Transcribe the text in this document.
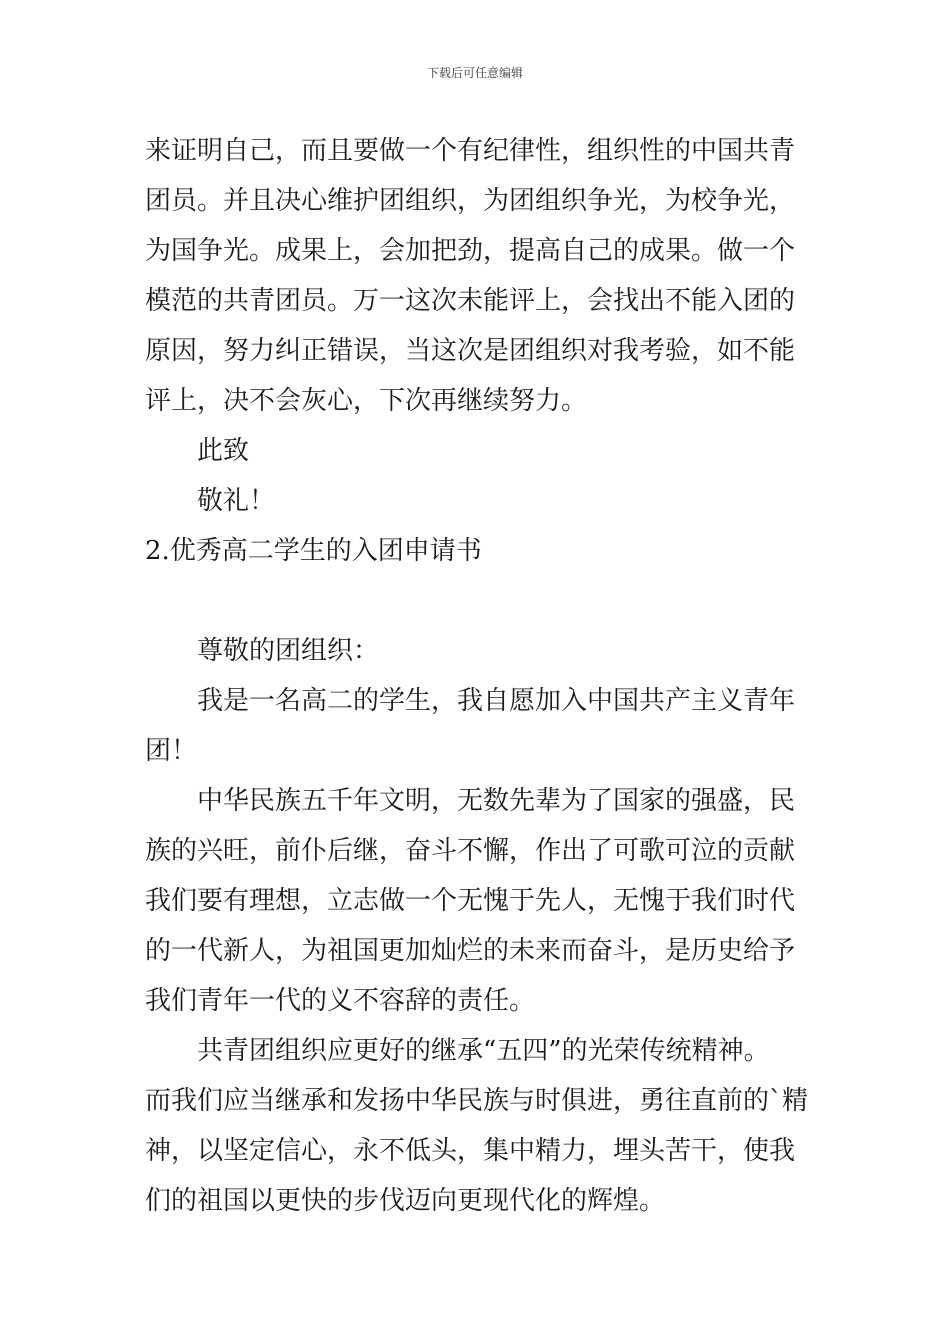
下载后可任意编辑
来证明自己，而且要做一个有纪律性，组织性的中国共青
团员。并且决心维护团组织，为团组织争光，为校争光，
为国争光。成果上，会加把劲，提高自己的成果。做一个
模范的共青团员。万一这次未能评上，会找出不能入团的
原因，努力纠正错误，当这次是团组织对我考验，如不能
评上，决不会灰心，下次再继续努力。
此致
敬礼！
2.优秀高二学生的入团申请书
尊敬的团组织：
我是一名高二的学生，我自愿加入中国共产主义青年
团！
中华民族五千年文明，无数先辈为了国家的强盛，民
族的兴旺，前仆后继，奋斗不懈，作出了可歌可泣的贡献
我们要有理想，立志做一个无愧于先人，无愧于我们时代
的一代新人，为祖国更加灿烂的未来而奋斗，是历史给予
我们青年一代的义不容辞的责任。
共青团组织应更好的继承“五四”的光荣传统精神。
而我们应当继承和发扬中华民族与时俱进，勇往直前的`精
神，以坚定信心，永不低头，集中精力，埋头苦干，使我
们的祖国以更快的步伐迈向更现代化的辉煌。
